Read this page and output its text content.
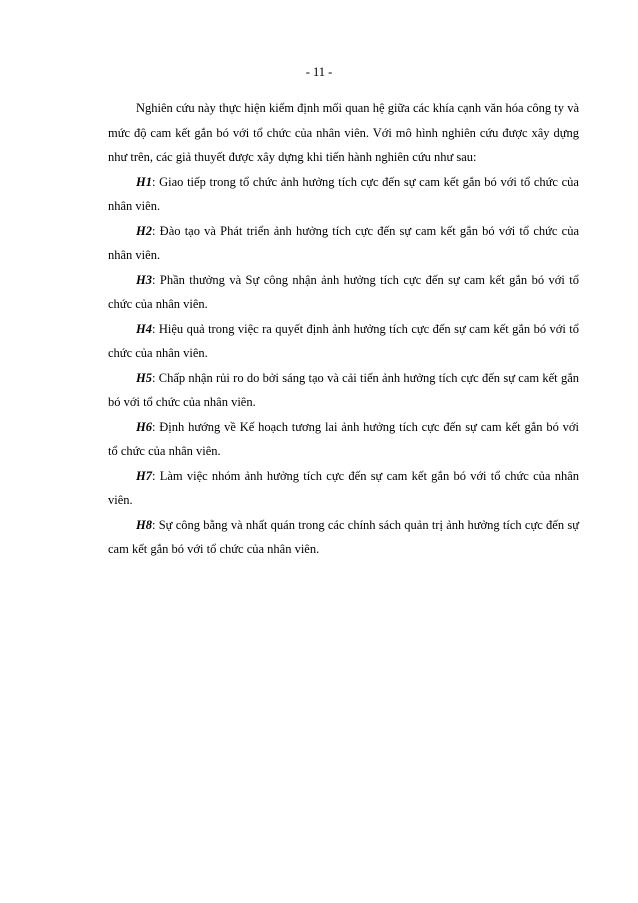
- 11 -

Nghiên cứu này thực hiện kiểm định mối quan hệ giữa các khía cạnh văn hóa công ty và mức độ cam kết gắn bó với tổ chức của nhân viên. Với mô hình nghiên cứu được xây dựng như trên, các giả thuyết được xây dựng khi tiến hành nghiên cứu như sau:

H1: Giao tiếp trong tổ chức ảnh hưởng tích cực đến sự cam kết gắn bó với tổ chức của nhân viên.

H2: Đào tạo và Phát triển ảnh hưởng tích cực đến sự cam kết gắn bó với tổ chức của nhân viên.

H3: Phần thưởng và Sự công nhận ảnh hưởng tích cực đến sự cam kết gắn bó với tổ chức của nhân viên.

H4: Hiệu quả trong việc ra quyết định ảnh hưởng tích cực đến sự cam kết gắn bó với tổ chức của nhân viên.

H5: Chấp nhận rủi ro do bởi sáng tạo và cải tiến ảnh hưởng tích cực đến sự cam kết gắn bó với tổ chức của nhân viên.

H6: Định hướng về Kế hoạch tương lai ảnh hưởng tích cực đến sự cam kết gắn bó với tổ chức của nhân viên.

H7: Làm việc nhóm ảnh hưởng tích cực đến sự cam kết gắn bó với tổ chức của nhân viên.

H8: Sự công bằng và nhất quán trong các chính sách quản trị ảnh hưởng tích cực đến sự cam kết gắn bó với tổ chức của nhân viên.
